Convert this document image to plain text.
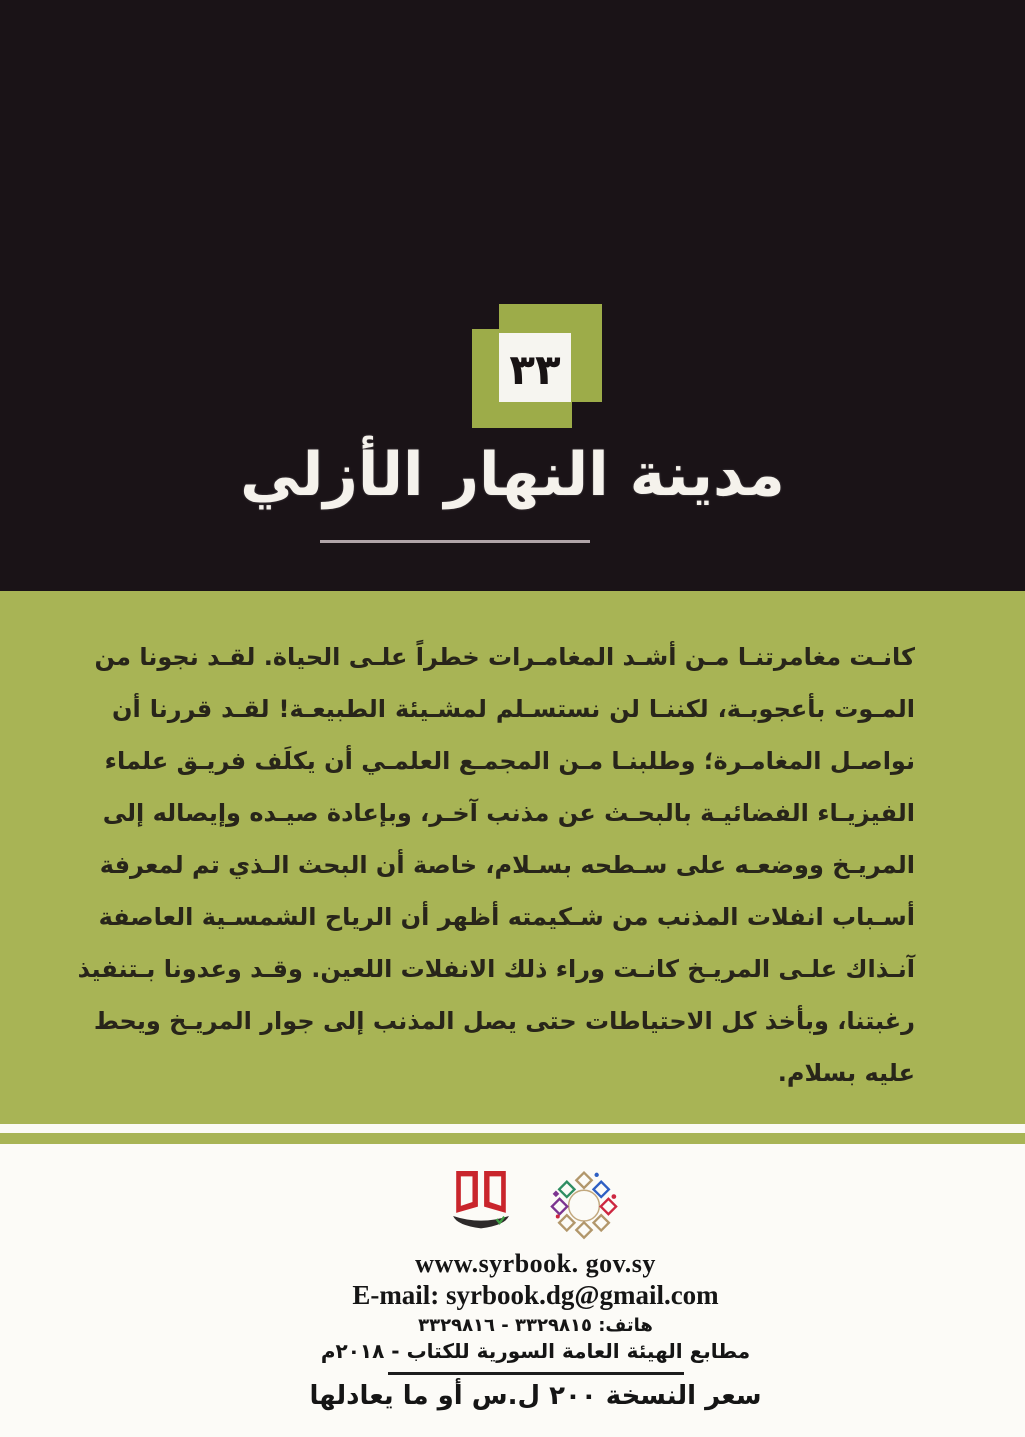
٣٣
مدينة النهار الأزلي
كانـت مغامرتنـا مـن أشـد المغامـرات خطراً علـى الحياة. لقـد نجونا من
المـوت بأعجوبـة، لكننـا لن نستسـلم لمشـيئة الطبيعـة! لقـد قررنا أن
نواصـل المغامـرة؛ وطلبنـا مـن المجمـع العلمـي أن يكلَف فريـق علماء
الفيزيـاء الفضائيـة بالبحـث عن مذنب آخـر، وبإعادة صيـده وإيصاله إلى
المريـخ ووضعـه على سـطحه بسـلام، خاصة أن البحث الـذي تم لمعرفة
أسـباب انفلات المذنب من شـكيمته أظهر أن الرياح الشمسـية العاصفة
آنـذاك علـى المريـخ كانـت وراء ذلك الانفلات اللعين. وقـد وعدونا بـتنفيذ
رغبتنا، وبأخذ كل الاحتياطات حتى يصل المذنب إلى جوار المريـخ ويحط
عليه بسلام.
www.syrbook. gov.sy
E-mail: syrbook.dg@gmail.com
هاتف: ٣٣٢٩٨١٥ - ٣٣٢٩٨١٦
مطابع الهيئة العامة السورية للكتاب - ٢٠١٨م
سعر النسخة ٢٠٠ ل.س أو ما يعادلها
